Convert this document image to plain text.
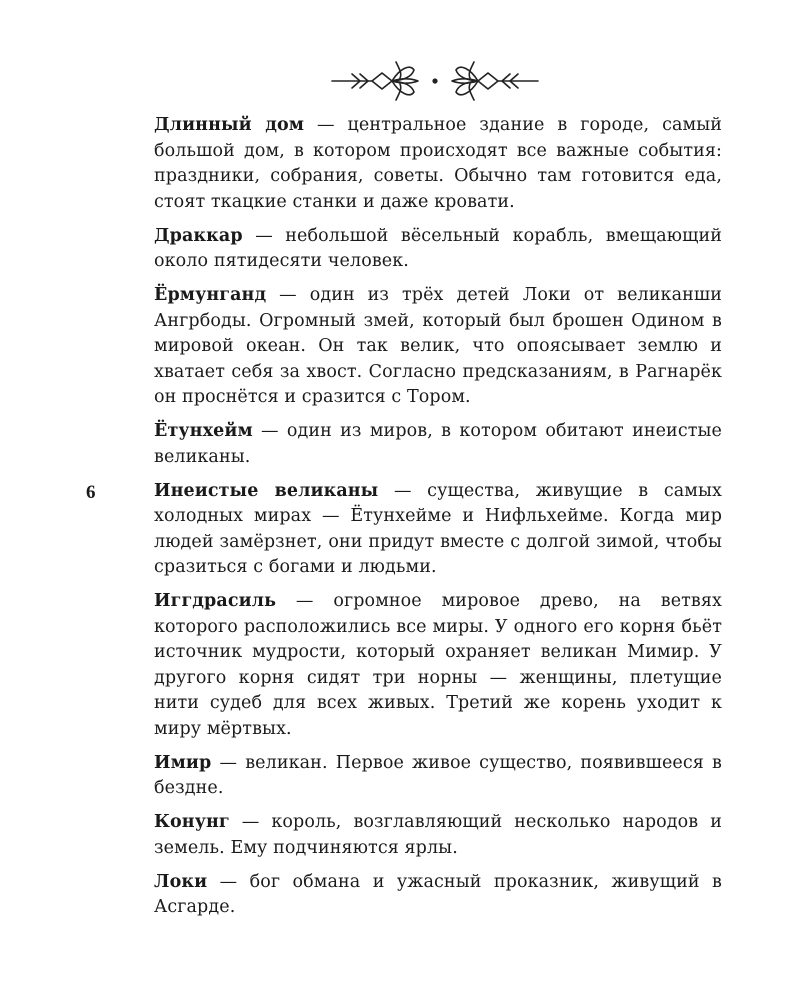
6

Длинный дом — центральное здание в городе, самый большой дом, в котором происходят все важные события: праздники, собрания, советы. Обычно там готовится еда, стоят ткацкие станки и даже кровати.

Драккар — небольшой вёсельный корабль, вмещающий около пятидесяти человек.

Ёрмунганд — один из трёх детей Локи от великанши Ангрбоды. Огромный змей, который был брошен Одином в мировой океан. Он так велик, что опоясывает землю и хватает себя за хвост. Согласно предсказаниям, в Рагнарёк он проснётся и сразится с Тором.

Ётунхейм — один из миров, в котором обитают инеистые великаны.

Инеистые великаны — существа, живущие в самых холодных мирах — Ётунхейме и Нифльхейме. Когда мир людей замёрзнет, они придут вместе с долгой зимой, чтобы сразиться с богами и людьми.

Иггдрасиль — огромное мировое древо, на ветвях которого расположились все миры. У одного его корня бьёт источник мудрости, который охраняет великан Мимир. У другого корня сидят три норны — женщины, плетущие нити судеб для всех живых. Третий же корень уходит к миру мёртвых.

Имир — великан. Первое живое существо, появившееся в бездне.

Конунг — король, возглавляющий несколько народов и земель. Ему подчиняются ярлы.

Локи — бог обмана и ужасный проказник, живущий в Асгарде.
